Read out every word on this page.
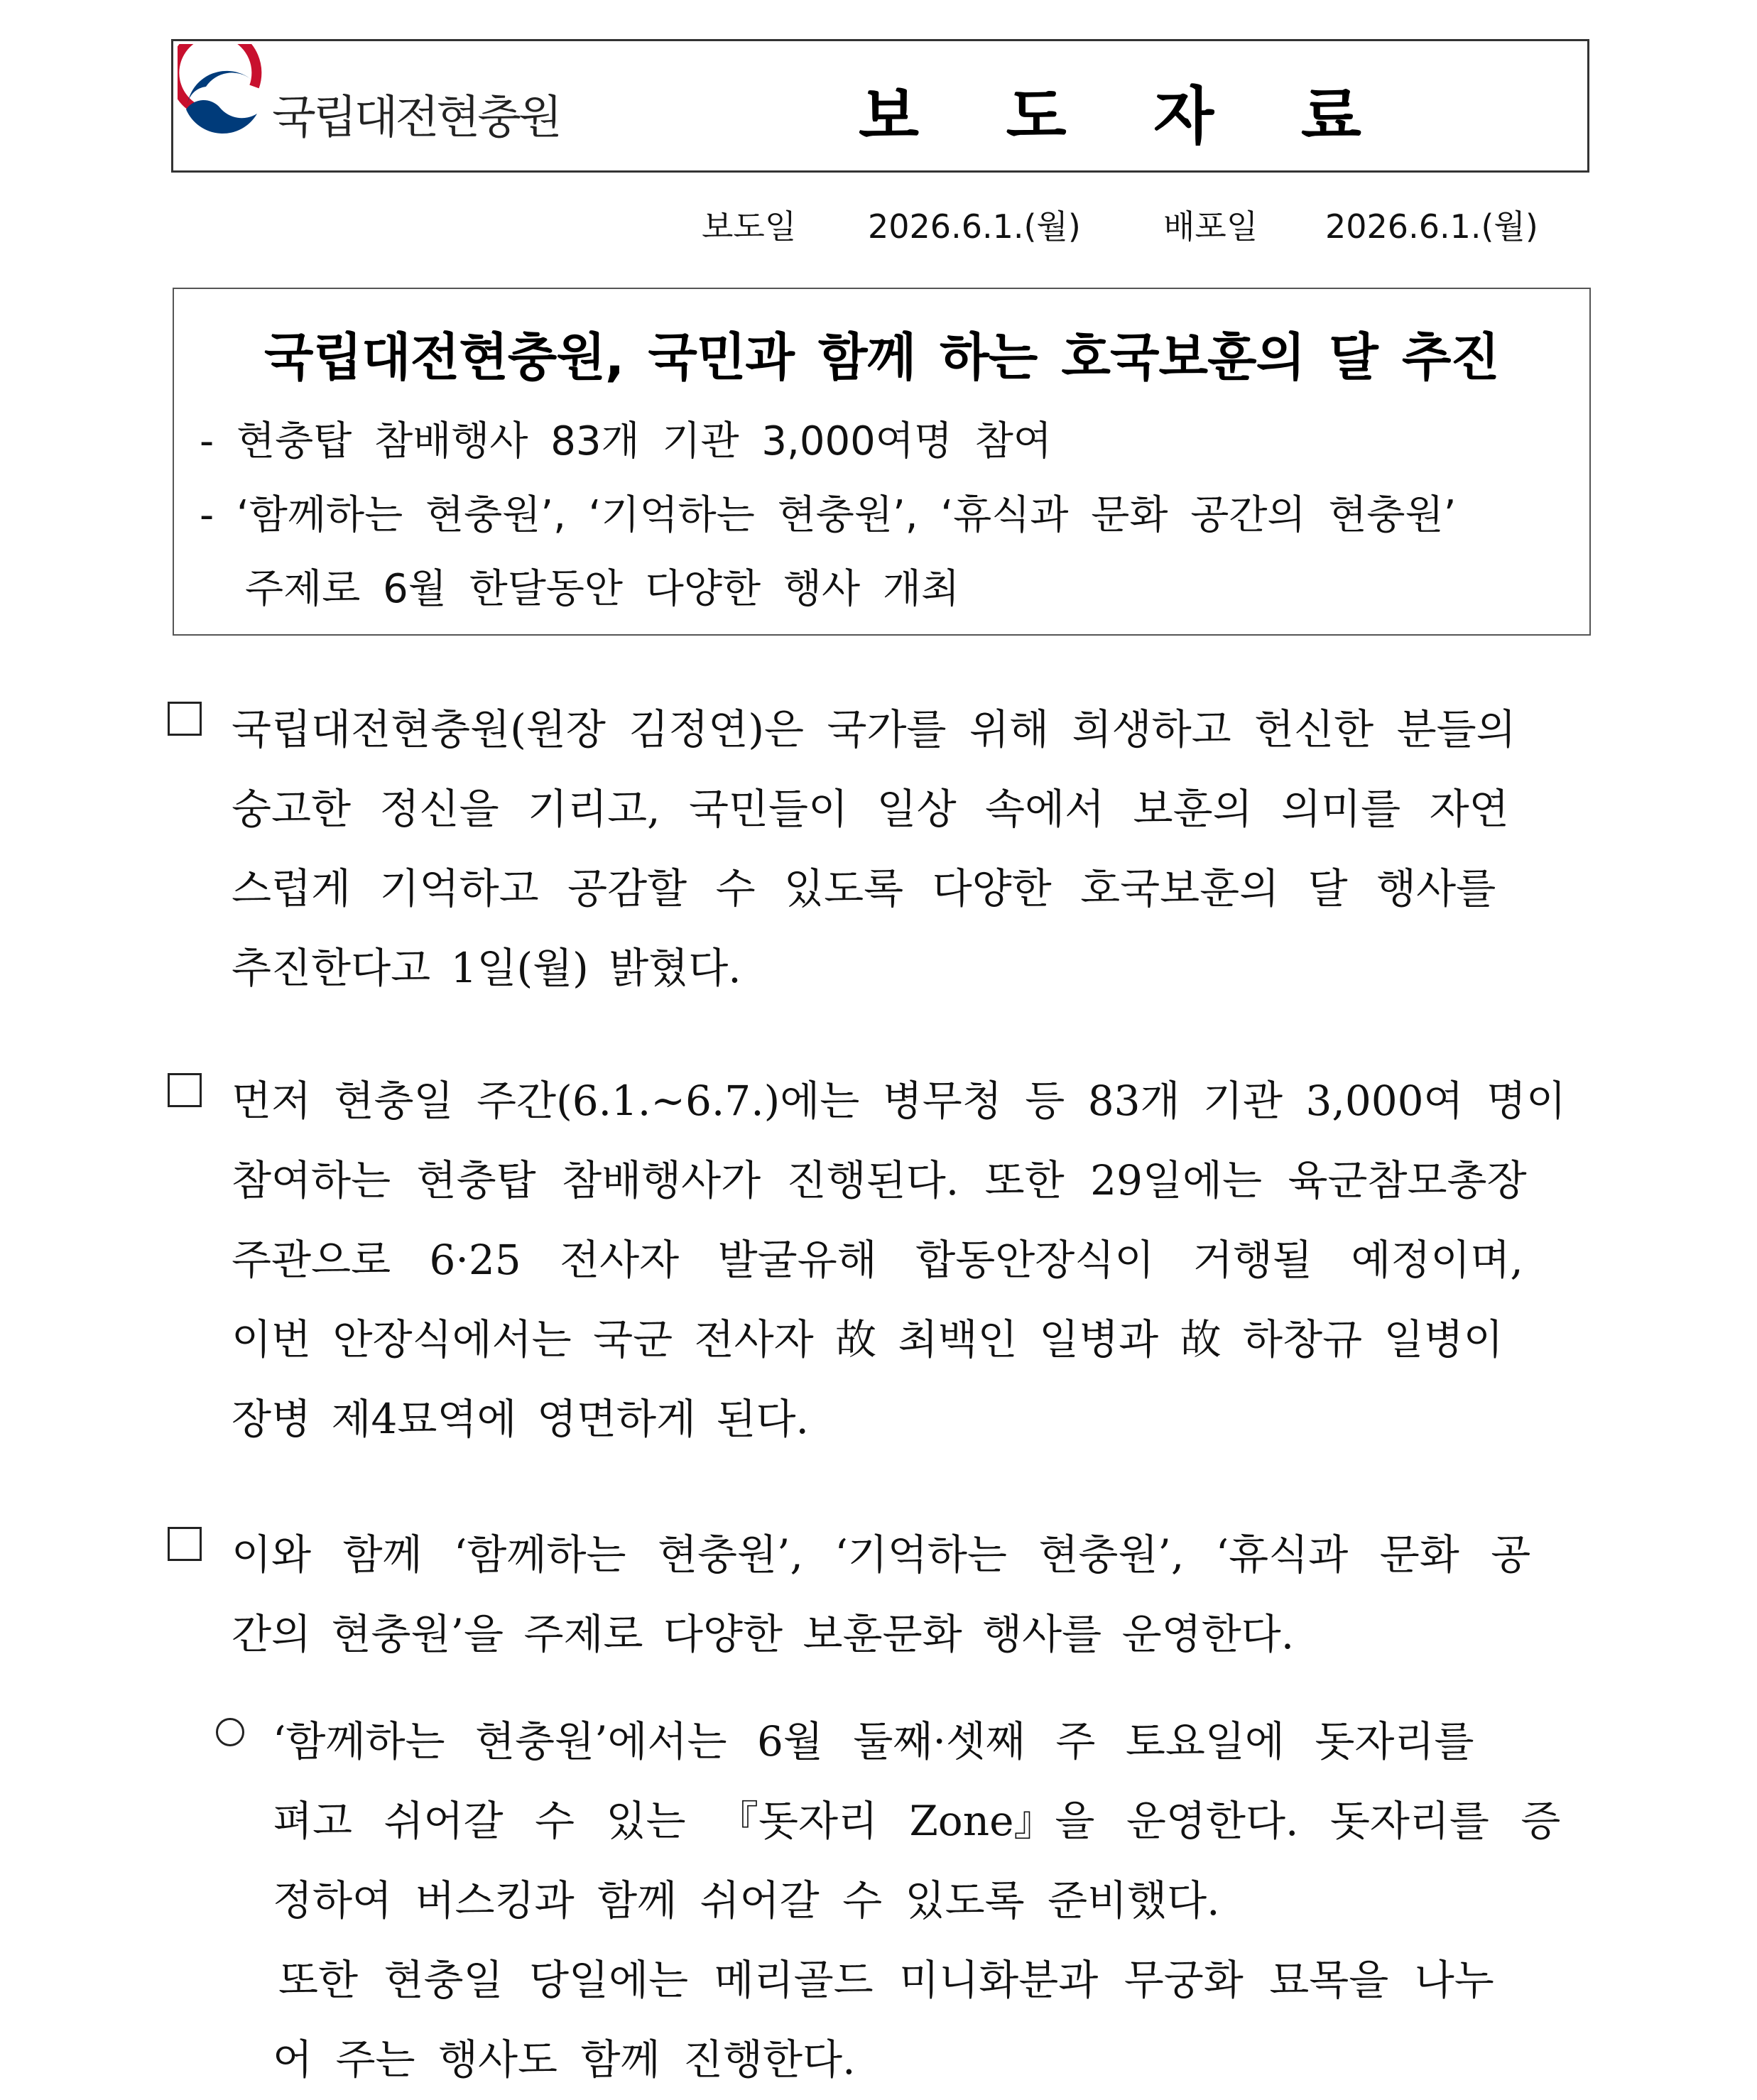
국립대전현충원	보 도 자 료
보도일 2026.6.1.(월)	배포일 2026.6.1.(월)
국립대전현충원, 국민과 함께 하는 호국보훈의 달 추진
- 현충탑 참배행사 83개 기관 3,000여명 참여
- ‘함께하는 현충원’, ‘기억하는 현충원’, ‘휴식과 문화 공간의 현충원’
주제로 6월 한달동안 다양한 행사 개최
국립대전현충원(원장 김정연)은 국가를 위해 희생하고 헌신한 분들의
숭고한 정신을 기리고, 국민들이 일상 속에서 보훈의 의미를 자연
스럽게 기억하고 공감할 수 있도록 다양한 호국보훈의 달 행사를
추진한다고 1일(월) 밝혔다.
먼저 현충일 주간(6.1.~6.7.)에는 병무청 등 83개 기관 3,000여 명이
참여하는 현충탑 참배행사가 진행된다. 또한 29일에는 육군참모총장
주관으로 6·25 전사자 발굴유해 합동안장식이 거행될 예정이며,
이번 안장식에서는 국군 전사자 故 최백인 일병과 故 하창규 일병이
장병 제4묘역에 영면하게 된다.
이와 함께 ‘함께하는 현충원’, ‘기억하는 현충원’, ‘휴식과 문화 공
간의 현충원’을 주제로 다양한 보훈문화 행사를 운영한다.
‘함께하는 현충원’에서는 6월 둘째·셋째 주 토요일에 돗자리를
펴고 쉬어갈 수 있는 『돗자리 Zone』을 운영한다. 돗자리를 증
정하여 버스킹과 함께 쉬어갈 수 있도록 준비했다.
또한 현충일 당일에는 메리골드 미니화분과 무궁화 묘목을 나누
어 주는 행사도 함께 진행한다.
